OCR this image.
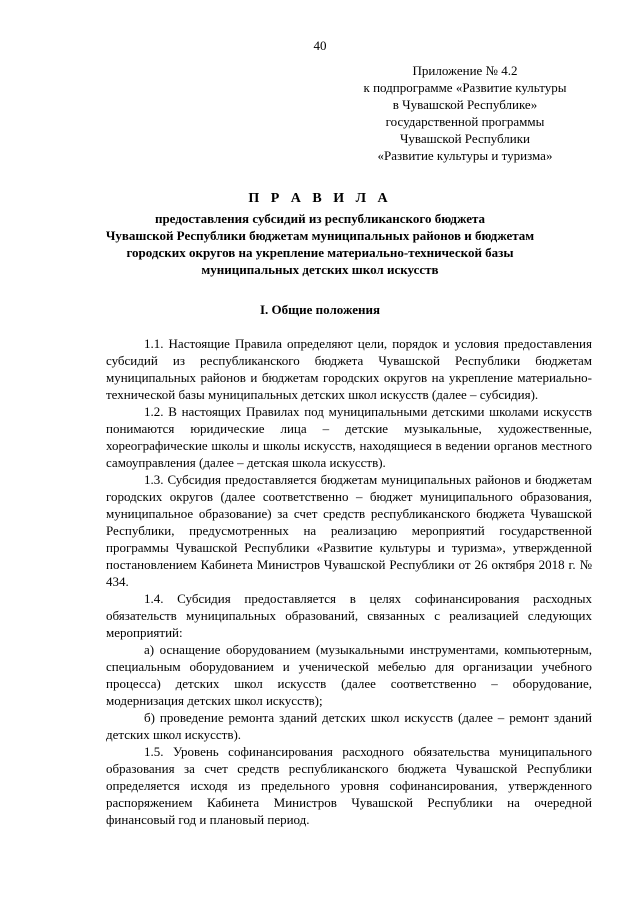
40
Приложение № 4.2
к подпрограмме «Развитие культуры
в Чувашской Республике»
государственной программы
Чувашской Республики
«Развитие культуры и туризма»
П Р А В И Л А
предоставления субсидий из республиканского бюджета
Чувашской Республики бюджетам муниципальных районов и бюджетам
городских округов на укрепление материально-технической базы
муниципальных детских школ искусств
I. Общие положения

1.1. Настоящие Правила определяют цели, порядок и условия предоставления субсидий из республиканского бюджета Чувашской Республики бюджетам муниципальных районов и бюджетам городских округов на укрепление материально-технической базы муниципальных детских школ искусств (далее – субсидия).

1.2. В настоящих Правилах под муниципальными детскими школами искусств понимаются юридические лица – детские музыкальные, художественные, хореографические школы и школы искусств, находящиеся в ведении органов местного самоуправления (далее – детская школа искусств).

1.3. Субсидия предоставляется бюджетам муниципальных районов и бюджетам городских округов (далее соответственно – бюджет муниципального образования, муниципальное образование) за счет средств республиканского бюджета Чувашской Республики, предусмотренных на реализацию мероприятий государственной программы Чувашской Республики «Развитие культуры и туризма», утвержденной постановлением Кабинета Министров Чувашской Республики от 26 октября 2018 г. № 434.

1.4. Субсидия предоставляется в целях софинансирования расходных обязательств муниципальных образований, связанных с реализацией следующих мероприятий:

а) оснащение оборудованием (музыкальными инструментами, компьютерным, специальным оборудованием и ученической мебелью для организации учебного процесса) детских школ искусств (далее соответственно – оборудование, модернизация детских школ искусств);

б) проведение ремонта зданий детских школ искусств (далее – ремонт зданий детских школ искусств).

1.5. Уровень софинансирования расходного обязательства муниципального образования за счет средств республиканского бюджета Чувашской Республики определяется исходя из предельного уровня софинансирования, утвержденного распоряжением Кабинета Министров Чувашской Республики на очередной финансовый год и плановый период.
